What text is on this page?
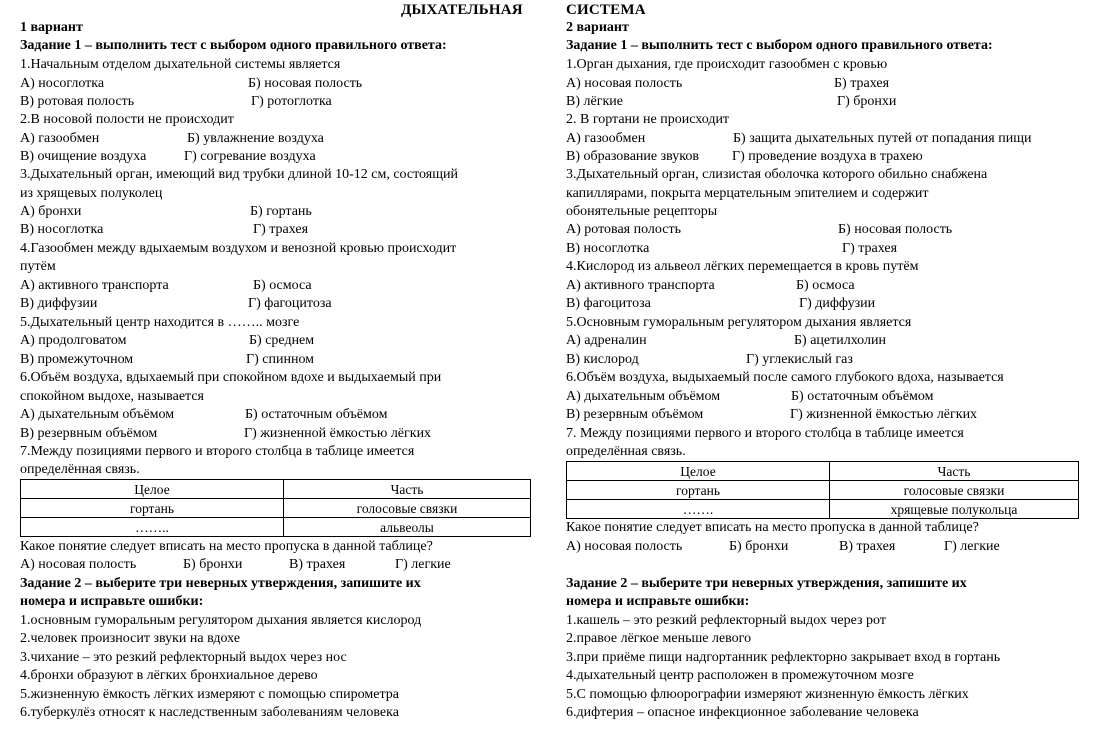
ДЫХАТЕЛЬНАЯ	СИСТЕМА
1 вариант
Задание 1 – выполнить тест с выбором одного правильного ответа:
1.Начальным отделом дыхательной системы является
А) носоглотка	Б) носовая полость
В) ротовая полость	Г) ротоглотка
2.В носовой полости не происходит
А) газообмен	Б) увлажнение воздуха
В) очищение воздуха	Г) согревание воздуха
3.Дыхательный орган, имеющий вид трубки длиной 10-12 см, состоящий
из хрящевых полуколец
А) бронхи	Б) гортань
В) носоглотка	Г) трахея
4.Газообмен между вдыхаемым воздухом и венозной кровью происходит
путём
А) активного транспорта	Б) осмоса
В) диффузии	Г) фагоцитоза
5.Дыхательный центр находится в …….. мозге
А) продолговатом	Б) среднем
В) промежуточном	Г) спинном
6.Объём воздуха, вдыхаемый при спокойном вдохе и выдыхаемый при
спокойном выдохе, называется
А) дыхательным объёмом	Б) остаточным объёмом
В) резервным объёмом	Г) жизненной ёмкостью лёгких
7.Между позициями первого и второго столбца в таблице имеется
определённая связь.
Целое	Часть
гортань	голосовые связки
……..	альвеолы
Какое понятие следует вписать на место пропуска в данной таблице?
А) носовая полость	Б) бронхи	В) трахея	Г) легкие
Задание 2 – выберите три неверных утверждения, запишите их
номера и исправьте ошибки:
1.основным гуморальным регулятором дыхания является кислород
2.человек произносит звуки на вдохе
3.чихание – это резкий рефлекторный выдох через нос
4.бронхи образуют в лёгких бронхиальное дерево
5.жизненную ёмкость лёгких измеряют с помощью спирометра
6.туберкулёз относят к наследственным заболеваниям человека
2 вариант
Задание 1 – выполнить тест с выбором одного правильного ответа:
1.Орган дыхания, где происходит газообмен с кровью
А) носовая полость	Б) трахея
В) лёгкие	Г) бронхи
2. В гортани не происходит
А) газообмен	Б) защита дыхательных путей от попадания пищи
В) образование звуков Г) проведение воздуха в трахею
3.Дыхательный орган, слизистая оболочка которого обильно снабжена
капиллярами, покрыта мерцательным эпителием и содержит
обонятельные рецепторы
А) ротовая полость	Б) носовая полость
В) носоглотка	Г) трахея
4.Кислород из альвеол лёгких перемещается в кровь путём
А) активного транспорта	Б) осмоса
В) фагоцитоза	Г) диффузии
5.Основным гуморальным регулятором дыхания является
А) адреналин	Б) ацетилхолин
В) кислород	Г) углекислый газ
6.Объём воздуха, выдыхаемый после самого глубокого вдоха, называется
А) дыхательным объёмом	Б) остаточным объёмом
В) резервным объёмом	Г) жизненной ёмкостью лёгких
7. Между позициями первого и второго столбца в таблице имеется
определённая связь.
Целое	Часть
гортань	голосовые связки
…….	хрящевые полукольца
Какое понятие следует вписать на место пропуска в данной таблице?
А) носовая полость	Б) бронхи	В) трахея	Г) легкие
Задание 2 – выберите три неверных утверждения, запишите их
номера и исправьте ошибки:
1.кашель – это резкий рефлекторный выдох через рот
2.правое лёгкое меньше левого
3.при приёме пищи надгортанник рефлекторно закрывает вход в гортань
4.дыхательный центр расположен в промежуточном мозге
5.С помощью флюорографии измеряют жизненную ёмкость лёгких
6.дифтерия – опасное инфекционное заболевание человека
